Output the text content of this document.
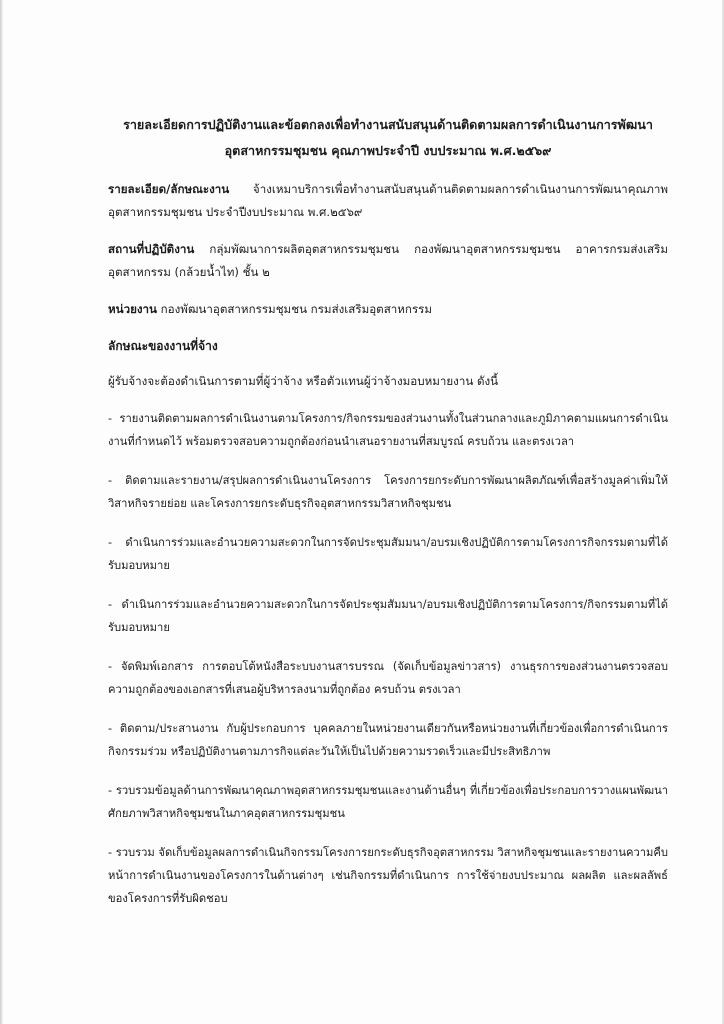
รายละเอียดการปฏิบัติงานและข้อตกลงเพื่อทำงานสนับสนุนด้านติดตามผลการดำเนินงานการพัฒนา
อุตสาหกรรมชุมชน คุณภาพประจำปี งบประมาณ พ.ศ.๒๕๖๙

รายละเอียด/ลักษณะงาน จ้างเหมาบริการเพื่อทำงานสนับสนุนด้านติดตามผลการดำเนินงานการพัฒนาคุณภาพอุตสาหกรรมชุมชน ประจำปีงบประมาณ พ.ศ.๒๕๖๙

สถานที่ปฏิบัติงาน กลุ่มพัฒนาการผลิตอุตสาหกรรมชุมชน กองพัฒนาอุตสาหกรรมชุมชน อาคารกรมส่งเสริมอุตสาหกรรม (กล้วยน้ำไท) ชั้น ๒

หน่วยงาน กองพัฒนาอุตสาหกรรมชุมชน กรมส่งเสริมอุตสาหกรรม

ลักษณะของงานที่จ้าง

ผู้รับจ้างจะต้องดำเนินการตามที่ผู้ว่าจ้าง หรือตัวแทนผู้ว่าจ้างมอบหมายงาน ดังนี้

- รายงานติดตามผลการดำเนินงานตามโครงการ/กิจกรรมของส่วนงานทั้งในส่วนกลางและภูมิภาคตามแผนการดำเนินงานที่กำหนดไว้ พร้อมตรวจสอบความถูกต้องก่อนนำเสนอรายงานที่สมบูรณ์ ครบถ้วน และตรงเวลา

- ติดตามและรายงาน/สรุปผลการดำเนินงานโครงการ โครงการยกระดับการพัฒนาผลิตภัณฑ์เพื่อสร้างมูลค่าเพิ่มให้วิสาหกิจรายย่อย และโครงการยกระดับธุรกิจอุตสาหกรรมวิสาหกิจชุมชน

- ดำเนินการร่วมและอำนวยความสะดวกในการจัดประชุมสัมมนา/อบรมเชิงปฏิบัติการตามโครงการกิจกรรมตามที่ได้รับมอบหมาย

- ดำเนินการร่วมและอำนวยความสะดวกในการจัดประชุมสัมมนา/อบรมเชิงปฏิบัติการตามโครงการ/กิจกรรมตามที่ได้รับมอบหมาย

- จัดพิมพ์เอกสาร การตอบโต้หนังสือระบบงานสารบรรณ (จัดเก็บข้อมูลข่าวสาร) งานธุรการของส่วนงานตรวจสอบความถูกต้องของเอกสารที่เสนอผู้บริหารลงนามที่ถูกต้อง ครบถ้วน ตรงเวลา

- ติดตาม/ประสานงาน กับผู้ประกอบการ บุคคลภายในหน่วยงานเดียวกันหรือหน่วยงานที่เกี่ยวข้องเพื่อการดำเนินการกิจกรรมร่วม หรือปฏิบัติงานตามภารกิจแต่ละวันให้เป็นไปด้วยความรวดเร็วและมีประสิทธิภาพ

- รวบรวมข้อมูลด้านการพัฒนาคุณภาพอุตสาหกรรมชุมชนและงานด้านอื่นๆ ที่เกี่ยวข้องเพื่อประกอบการวางแผนพัฒนาศักยภาพวิสาหกิจชุมชนในภาคอุตสาหกรรมชุมชน

- รวบรวม จัดเก็บข้อมูลผลการดำเนินกิจกรรมโครงการยกระดับธุรกิจอุตสาหกรรม วิสาหกิจชุมชนและรายงานความคืบหน้าการดำเนินงานของโครงการในด้านต่างๆ เช่นกิจกรรมที่ดำเนินการ การใช้จ่ายงบประมาณ ผลผลิต และผลลัพธ์ของโครงการที่รับผิดชอบ
